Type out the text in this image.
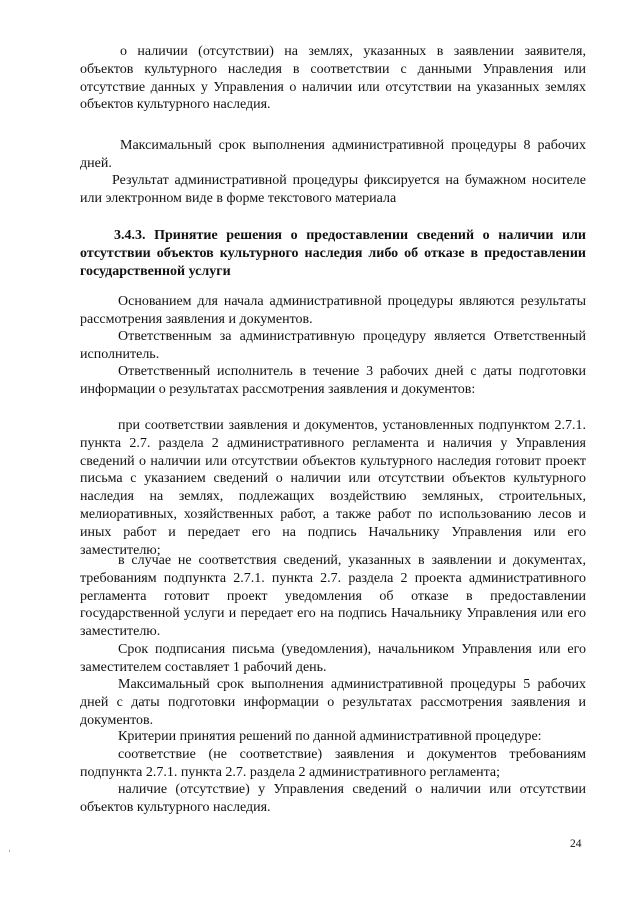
о наличии (отсутствии) на землях, указанных в заявлении заявителя, объектов культурного наследия в соответствии с данными Управления или отсутствие данных у Управления о наличии или отсутствии на указанных землях объектов культурного наследия.

Максимальный срок выполнения административной процедуры 8 рабочих дней.

Результат административной процедуры фиксируется на бумажном носителе или электронном виде в форме текстового материала

3.4.3. Принятие решения о предоставлении сведений о наличии или отсутствии объектов культурного наследия либо об отказе в предоставлении государственной услуги

Основанием для начала административной процедуры являются результаты рассмотрения заявления и документов.

Ответственным за административную процедуру является Ответственный исполнитель.

Ответственный исполнитель в течение 3 рабочих дней с даты подготовки информации о результатах рассмотрения заявления и документов:

при соответствии заявления и документов, установленных подпунктом 2.7.1. пункта 2.7. раздела 2 административного регламента и наличия у Управления сведений о наличии или отсутствии объектов культурного наследия готовит проект письма с указанием сведений о наличии или отсутствии объектов культурного наследия на землях, подлежащих воздействию земляных, строительных, мелиоративных, хозяйственных работ, а также работ по использованию лесов и иных работ и передает его на подпись Начальнику Управления или его заместителю;

в случае не соответствия сведений, указанных в заявлении и документах, требованиям подпункта 2.7.1. пункта 2.7. раздела 2 проекта административного регламента готовит проект уведомления об отказе в предоставлении государственной услуги и передает его на подпись Начальнику Управления или его заместителю.

Срок подписания письма (уведомления), начальником Управления или его заместителем составляет 1 рабочий день.

Максимальный срок выполнения административной процедуры 5 рабочих дней с даты подготовки информации о результатах рассмотрения заявления и документов.

Критерии принятия решений по данной административной процедуре:

соответствие (не соответствие) заявления и документов требованиям подпункта 2.7.1. пункта 2.7. раздела 2 административного регламента;

наличие (отсутствие) у Управления сведений о наличии или отсутствии объектов культурного наследия.

24
·
